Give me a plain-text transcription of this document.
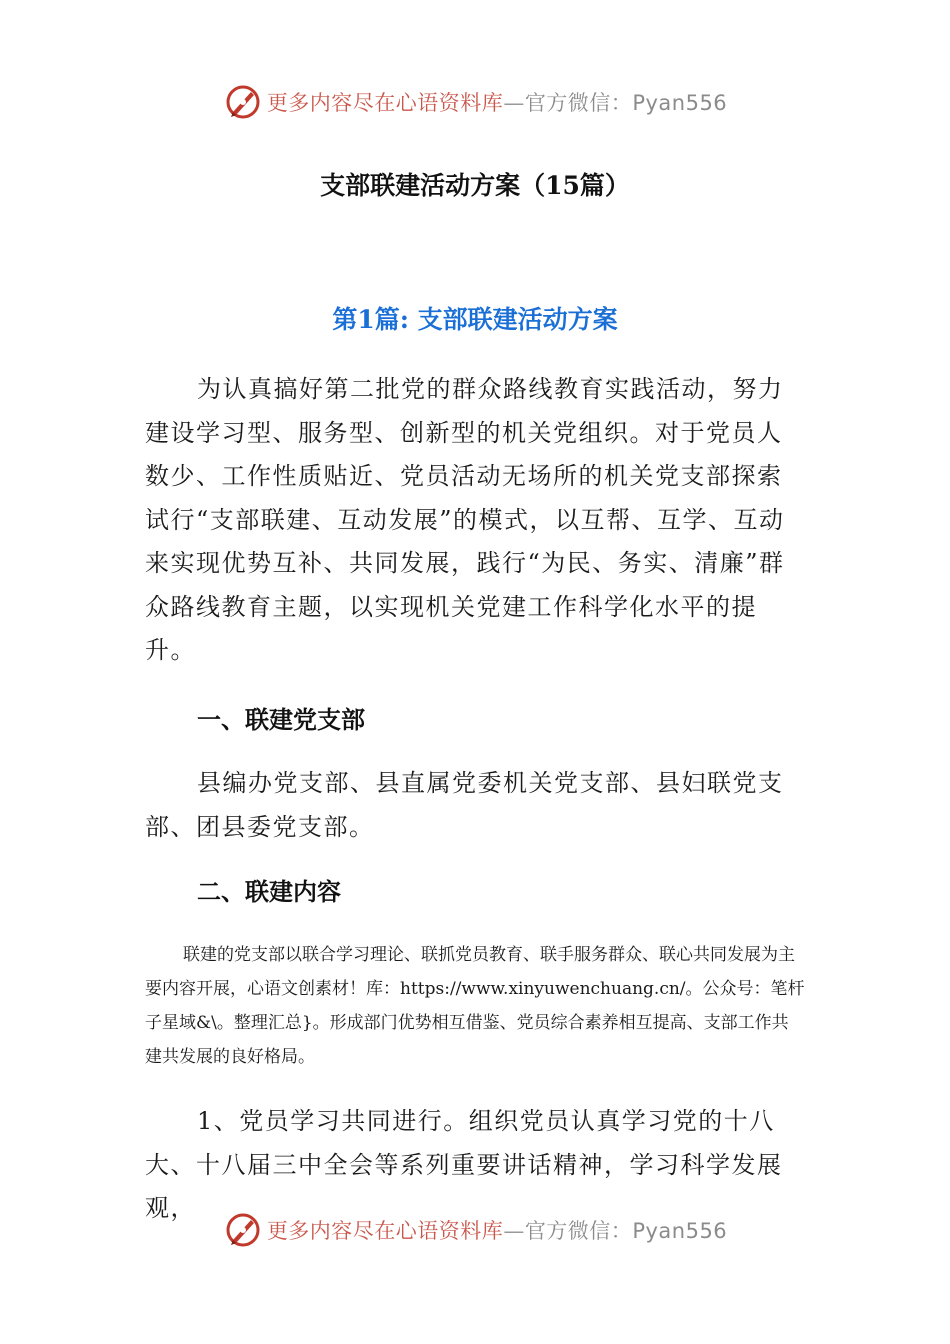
更多内容尽在心语资料库—官方微信：Pyan556
支部联建活动方案（15篇）
第1篇: 支部联建活动方案

为认真搞好第二批党的群众路线教育实践活动，努力建设学习型、服务型、创新型的机关党组织。对于党员人数少、工作性质贴近、党员活动无场所的机关党支部探索试行“支部联建、互动发展”的模式，以互帮、互学、互动来实现优势互补、共同发展，践行“为民、务实、清廉”群众路线教育主题，以实现机关党建工作科学化水平的提升。

一、联建党支部

县编办党支部、县直属党委机关党支部、县妇联党支部、团县委党支部。

二、联建内容

联建的党支部以联合学习理论、联抓党员教育、联手服务群众、联心共同发展为主要内容开展，心语文创素材！库：https://www.xinyuwenchuang.cn/。公众号：笔杆子星域&\。整理汇总}。形成部门优势相互借鉴、党员综合素养相互提高、支部工作共建共发展的良好格局。

1、党员学习共同进行。组织党员认真学习党的十八大、十八届三中全会等系列重要讲话精神，学习科学发展观，

更多内容尽在心语资料库—官方微信：Pyan556
